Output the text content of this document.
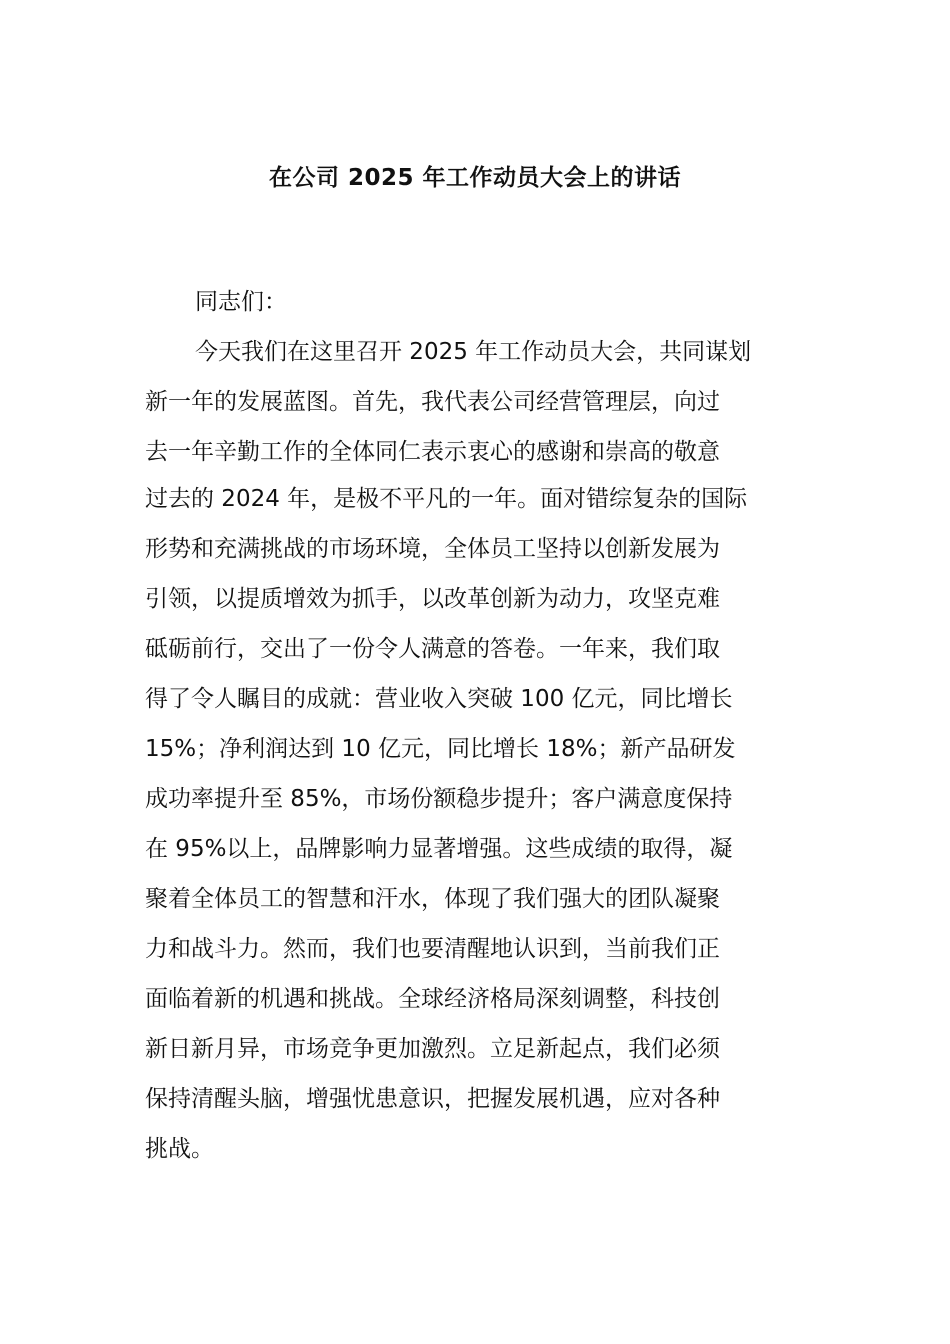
在公司 2025 年工作动员大会上的讲话
同志们：
今天我们在这里召开 2025 年工作动员大会，共同谋划
新一年的发展蓝图。首先，我代表公司经营管理层，向过
去一年辛勤工作的全体同仁表示衷心的感谢和崇高的敬意
过去的 2024 年，是极不平凡的一年。面对错综复杂的国际
形势和充满挑战的市场环境，全体员工坚持以创新发展为
引领，以提质增效为抓手，以改革创新为动力，攻坚克难
砥砺前行，交出了一份令人满意的答卷。一年来，我们取
得了令人瞩目的成就：营业收入突破 100 亿元，同比增长
15%；净利润达到 10 亿元，同比增长 18%；新产品研发
成功率提升至 85%，市场份额稳步提升；客户满意度保持
在 95%以上，品牌影响力显著增强。这些成绩的取得，凝
聚着全体员工的智慧和汗水，体现了我们强大的团队凝聚
力和战斗力。然而，我们也要清醒地认识到，当前我们正
面临着新的机遇和挑战。全球经济格局深刻调整，科技创
新日新月异，市场竞争更加激烈。立足新起点，我们必须
保持清醒头脑，增强忧患意识，把握发展机遇，应对各种
挑战。
